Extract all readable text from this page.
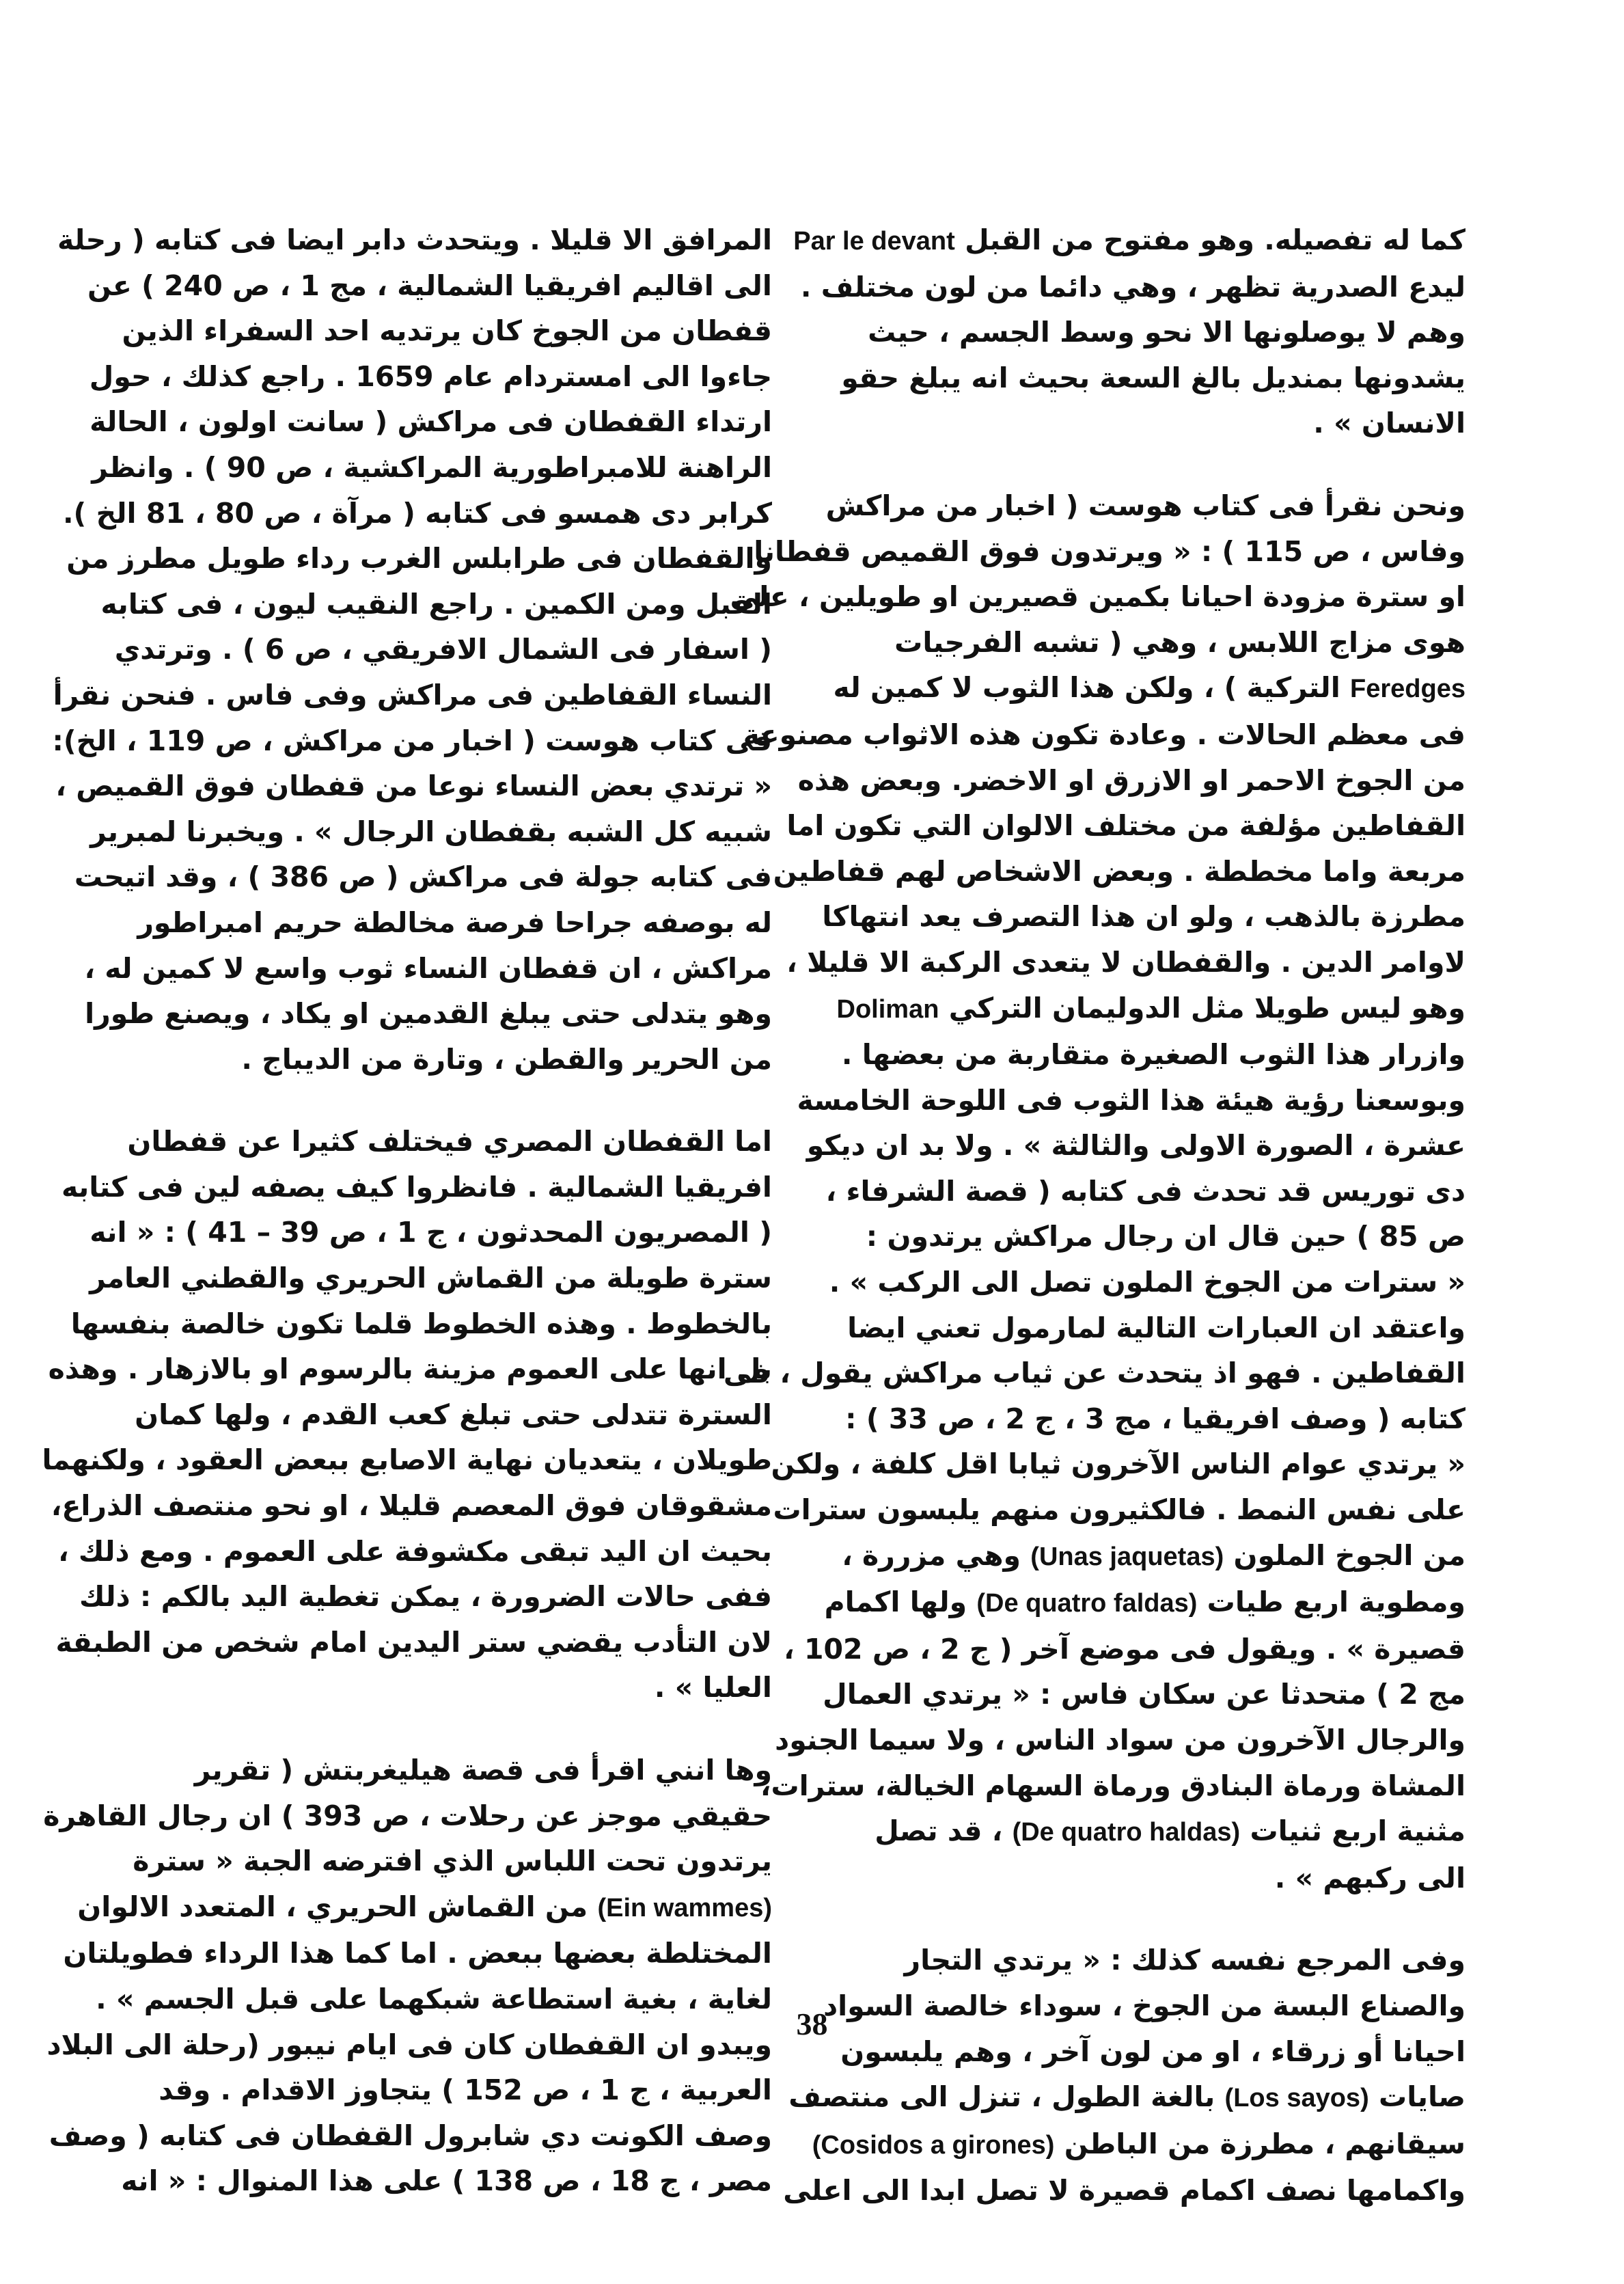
كما له تفصيله. وهو مفتوح من القبل Par le devant
ليدع الصدرية تظهر ، وهي دائما من لون مختلف .
وهم لا يوصلونها الا نحو وسط الجسم ، حيث
يشدونها بمنديل بالغ السعة بحيث انه يبلغ حقو
الانسان » .
ونحن نقرأ فى كتاب هوست ( اخبار من مراكش
وفاس ، ص 115 ) : « ويرتدون فوق القميص قفطانا
او سترة مزودة احيانا بكمين قصيرين او طويلين ، على
هوى مزاج اللابس ، وهي ( تشبه الفرجيات
Feredges التركية ) ، ولكن هذا الثوب لا كمين له
فى معظم الحالات . وعادة تكون هذه الاثواب مصنوعة
من الجوخ الاحمر او الازرق او الاخضر. وبعض هذه
القفاطين مؤلفة من مختلف الالوان التي تكون اما
مربعة واما مخططة . وبعض الاشخاص لهم قفاطين
مطرزة بالذهب ، ولو ان هذا التصرف يعد انتهاكا
لاوامر الدين . والقفطان لا يتعدى الركبة الا قليلا ،
وهو ليس طويلا مثل الدوليمان التركي Doliman
وازرار هذا الثوب الصغيرة متقاربة من بعضها .
وبوسعنا رؤية هيئة هذا الثوب فى اللوحة الخامسة
عشرة ، الصورة الاولى والثالثة » . ولا بد ان ديكو
دى توريس قد تحدث فى كتابه ( قصة الشرفاء ،
ص 85 ) حين قال ان رجال مراكش يرتدون :
« سترات من الجوخ الملون تصل الى الركب » .
واعتقد ان العبارات التالية لمارمول تعني ايضا
القفاطين . فهو اذ يتحدث عن ثياب مراكش يقول ، فى
كتابه ( وصف افريقيا ، مج 3 ، ج 2 ، ص 33 ) :
« يرتدي عوام الناس الآخرون ثيابا اقل كلفة ، ولكن
على نفس النمط . فالكثيرون منهم يلبسون سترات
من الجوخ الملون (Unas jaquetas) وهي مزررة ،
ومطوية اربع طيات (De quatro faldas) ولها اكمام
قصيرة » . ويقول فى موضع آخر ( ج 2 ، ص 102 ،
مج 2 ) متحدثا عن سكان فاس : « يرتدي العمال
والرجال الآخرون من سواد الناس ، ولا سيما الجنود
المشاة ورماة البنادق ورماة السهام الخيالة، سترات،
مثنية اربع ثنيات (De quatro haldas) ، قد تصل
الى ركبهم » .
وفى المرجع نفسه كذلك : « يرتدي التجار
والصناع البسة من الجوخ ، سوداء خالصة السواد
احيانا أو زرقاء ، او من لون آخر ، وهم يلبسون
صايات (Los sayos) بالغة الطول ، تنزل الى منتصف
سيقانهم ، مطرزة من الباطن (Cosidos a girones)
واكمامها نصف اكمام قصيرة لا تصل ابدا الى اعلى
المرافق الا قليلا . ويتحدث دابر ايضا فى كتابه ( رحلة
الى اقاليم افريقيا الشمالية ، مج 1 ، ص 240 ) عن
قفطان من الجوخ كان يرتديه احد السفراء الذين
جاءوا الى امستردام عام 1659 . راجع كذلك ، حول
ارتداء القفطان فى مراكش ( سانت اولون ، الحالة
الراهنة للامبراطورية المراكشية ، ص 90 ) . وانظر
كرابر دى همسو فى كتابه ( مرآة ، ص 80 ، 81 الخ ).
والقفطان فى طرابلس الغرب رداء طويل مطرز من
القبل ومن الكمين . راجع النقيب ليون ، فى كتابه
( اسفار فى الشمال الافريقي ، ص 6 ) . وترتدي
النساء القفاطين فى مراكش وفى فاس . فنحن نقرأ
فى كتاب هوست ( اخبار من مراكش ، ص 119 ، الخ):
« ترتدي بعض النساء نوعا من قفطان فوق القميص ،
شبيه كل الشبه بقفطان الرجال » . ويخبرنا لمبرير
فى كتابه جولة فى مراكش ( ص 386 ) ، وقد اتيحت
له بوصفه جراحا فرصة مخالطة حريم امبراطور
مراكش ، ان قفطان النساء ثوب واسع لا كمين له ،
وهو يتدلى حتى يبلغ القدمين او يكاد ، ويصنع طورا
من الحرير والقطن ، وتارة من الديباج .
اما القفطان المصري فيختلف كثيرا عن قفطان
افريقيا الشمالية . فانظروا كيف يصفه لين فى كتابه
( المصريون المحدثون ، ج 1 ، ص 39 – 41 ) : « انه
سترة طويلة من القماش الحريري والقطني العامر
بالخطوط . وهذه الخطوط قلما تكون خالصة بنفسها
بل انها على العموم مزينة بالرسوم او بالازهار . وهذه
السترة تتدلى حتى تبلغ كعب القدم ، ولها كمان
طويلان ، يتعديان نهاية الاصابع ببعض العقود ، ولكنهما
مشقوقان فوق المعصم قليلا ، او نحو منتصف الذراع،
بحيث ان اليد تبقى مكشوفة على العموم . ومع ذلك ،
ففى حالات الضرورة ، يمكن تغطية اليد بالكم : ذلك
لان التأدب يقضي ستر اليدين امام شخص من الطبقة
العليا » .
وها انني اقرأ فى قصة هيليغربتش ( تقرير
حقيقي موجز عن رحلات ، ص 393 ) ان رجال القاهرة
يرتدون تحت اللباس الذي افترضه الجبة « سترة
(Ein wammes) من القماش الحريري ، المتعدد الالوان
المختلطة بعضها ببعض . اما كما هذا الرداء فطويلتان
لغاية ، بغية استطاعة شبكهما على قبل الجسم » .
ويبدو ان القفطان كان فى ايام نيبور (رحلة الى البلاد
العربية ، ج 1 ، ص 152 ) يتجاوز الاقدام . وقد
وصف الكونت دي شابرول القفطان فى كتابه ( وصف
مصر ، ج 18 ، ص 138 ) على هذا المنوال : « انه
38
